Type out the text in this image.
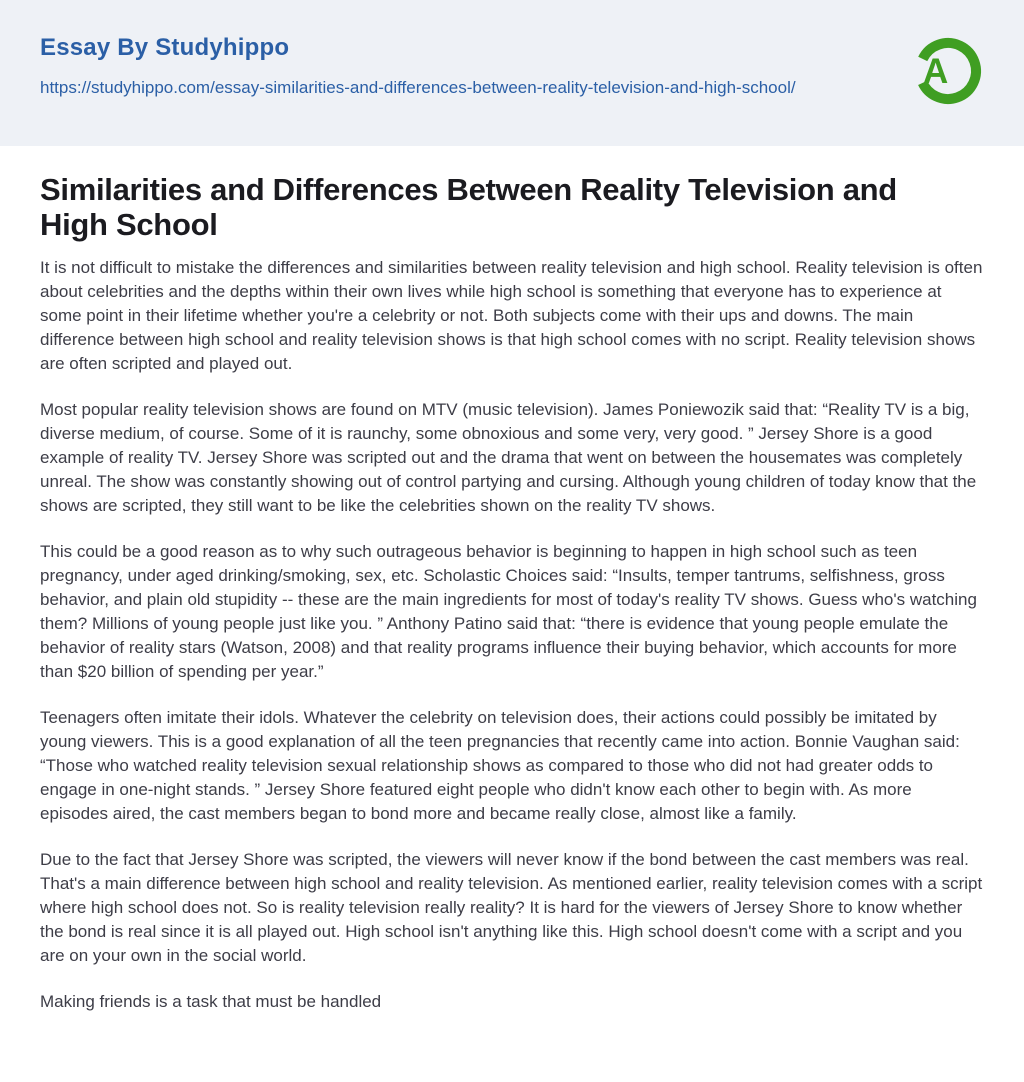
Essay By Studyhippo
https://studyhippo.com/essay-similarities-and-differences-between-reality-television-and-high-school/	A
Similarities and Differences Between Reality Television and High School

It is not difficult to mistake the differences and similarities between reality television and high school. Reality television is often about celebrities and the depths within their own lives while high school is something that everyone has to experience at some point in their lifetime whether you're a celebrity or not. Both subjects come with their ups and downs. The main difference between high school and reality television shows is that high school comes with no script. Reality television shows are often scripted and played out.

Most popular reality television shows are found on MTV (music television). James Poniewozik said that: “Reality TV is a big, diverse medium, of course. Some of it is raunchy, some obnoxious and some very, very good. ” Jersey Shore is a good example of reality TV. Jersey Shore was scripted out and the drama that went on between the housemates was completely unreal. The show was constantly showing out of control partying and cursing. Although young children of today know that the shows are scripted, they still want to be like the celebrities shown on the reality TV shows.

This could be a good reason as to why such outrageous behavior is beginning to happen in high school such as teen pregnancy, under aged drinking/smoking, sex, etc. Scholastic Choices said: “Insults, temper tantrums, selfishness, gross behavior, and plain old stupidity -- these are the main ingredients for most of today's reality TV shows. Guess who's watching them? Millions of young people just like you. ” Anthony Patino said that: “there is evidence that young people emulate the behavior of reality stars (Watson, 2008) and that reality programs influence their buying behavior, which accounts for more than $20 billion of spending per year.”

Teenagers often imitate their idols. Whatever the celebrity on television does, their actions could possibly be imitated by young viewers. This is a good explanation of all the teen pregnancies that recently came into action. Bonnie Vaughan said: “Those who watched reality television sexual relationship shows as compared to those who did not had greater odds to engage in one-night stands. ” Jersey Shore featured eight people who didn't know each other to begin with. As more episodes aired, the cast members began to bond more and became really close, almost like a family.

Due to the fact that Jersey Shore was scripted, the viewers will never know if the bond between the cast members was real. That's a main difference between high school and reality television. As mentioned earlier, reality television comes with a script where high school does not. So is reality television really reality? It is hard for the viewers of Jersey Shore to know whether the bond is real since it is all played out. High school isn't anything like this. High school doesn't come with a script and you are on your own in the social world.

Making friends is a task that must be handled
